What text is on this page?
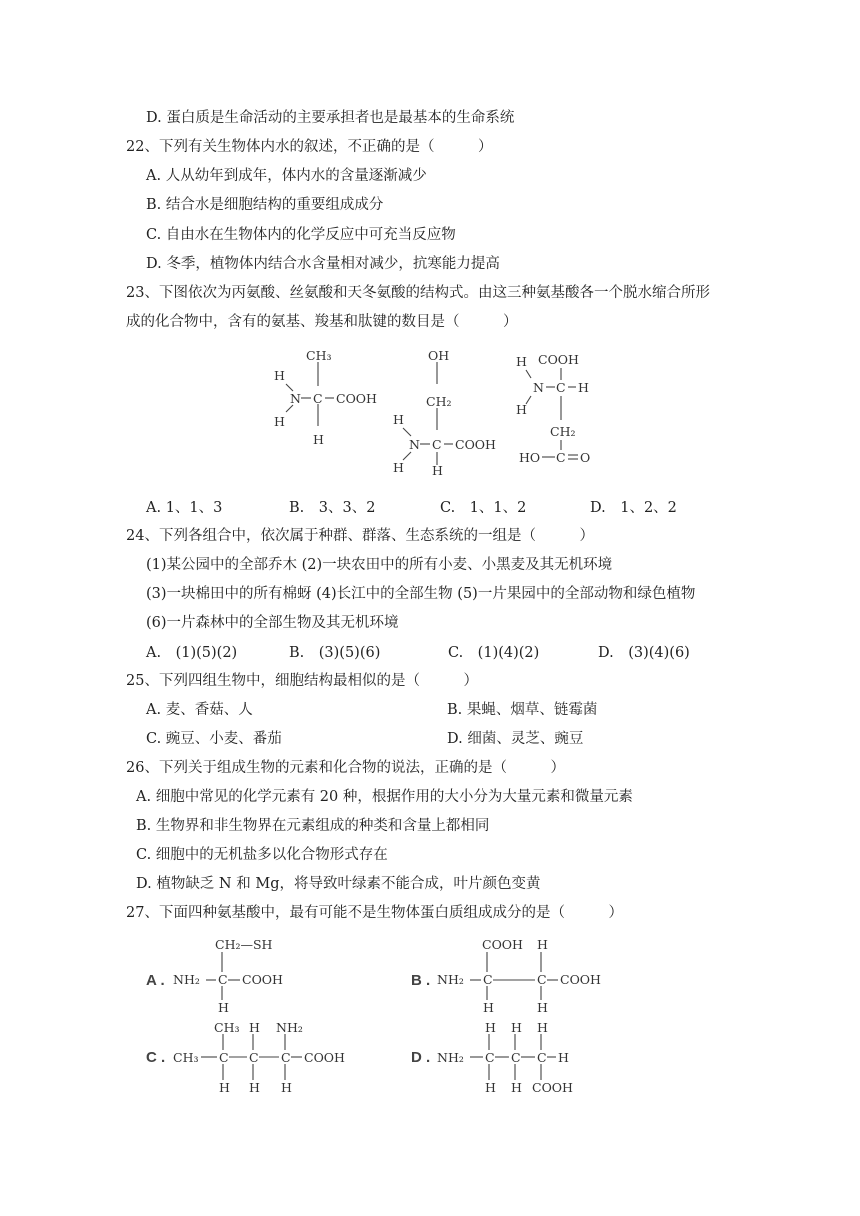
D. 蛋白质是生命活动的主要承担者也是最基本的生命系统
22、下列有关生物体内水的叙述，不正确的是（　　　）
A. 人从幼年到成年，体内水的含量逐渐减少
B. 结合水是细胞结构的重要组成成分
C. 自由水在生物体内的化学反应中可充当反应物
D. 冬季，植物体内结合水含量相对减少，抗寒能力提高
23、下图依次为丙氨酸、丝氨酸和天冬氨酸的结构式。由这三种氨基酸各一个脱水缩合所形
成的化合物中，含有的氨基、羧基和肽键的数目是（　　　）
CH₃
H
N C COOH
H
H
OH
CH₂
H
N C COOH
H H
H COOH
N C H
H
CH₂
HO C O
A. 1、1、3	B.　3、3、2	C.　1、1、2	D.　1、2、2
24、下列各组合中，依次属于种群、群落、生态系统的一组是（　　　）
(1)某公园中的全部乔木 (2)一块农田中的所有小麦、小黑麦及其无机环境
(3)一块棉田中的所有棉蚜 (4)长江中的全部生物 (5)一片果园中的全部动物和绿色植物
(6)一片森林中的全部生物及其无机环境
A.　(1)(5)(2)	B.　(3)(5)(6)	C.　(1)(4)(2)	D.　(3)(4)(6)
25、下列四组生物中，细胞结构最相似的是（　　　）
A. 麦、香菇、人	B. 果蝇、烟草、链霉菌
C. 豌豆、小麦、番茄	D. 细菌、灵芝、豌豆
26、下列关于组成生物的元素和化合物的说法，正确的是（　　　）
A. 细胞中常见的化学元素有 20 种，根据作用的大小分为大量元素和微量元素
B. 生物界和非生物界在元素组成的种类和含量上都相同
C. 细胞中的无机盐多以化合物形式存在
D. 植物缺乏 N 和 Mg，将导致叶绿素不能合成，叶片颜色变黄
27、下面四种氨基酸中，最有可能不是生物体蛋白质组成成分的是（　　　）
A .	B .
C .	D .
CH₂—SH
NH₂ C COOH
H
COOH H
NH₂ C	C COOH
H	H
CH₃ H NH₂
CH₃ C C C COOH
H H H
H H H
NH₂ C C C H
H H COOH
